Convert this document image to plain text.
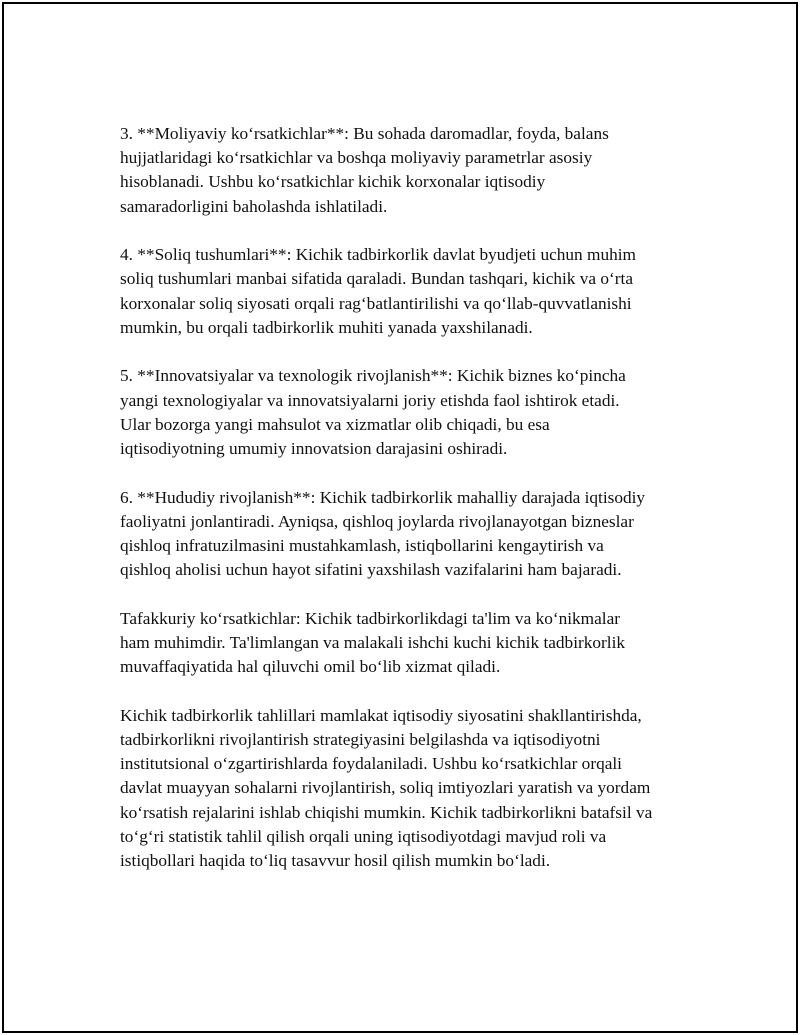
3. **Moliyaviy ko‘rsatkichlar**: Bu sohada daromadlar, foyda, balans
hujjatlaridagi ko‘rsatkichlar va boshqa moliyaviy parametrlar asosiy
hisoblanadi. Ushbu ko‘rsatkichlar kichik korxonalar iqtisodiy
samaradorligini baholashda ishlatiladi.

4. **Soliq tushumlari**: Kichik tadbirkorlik davlat byudjeti uchun muhim
soliq tushumlari manbai sifatida qaraladi. Bundan tashqari, kichik va o‘rta
korxonalar soliq siyosati orqali rag‘batlantirilishi va qo‘llab-quvvatlanishi
mumkin, bu orqali tadbirkorlik muhiti yanada yaxshilanadi.

5. **Innovatsiyalar va texnologik rivojlanish**: Kichik biznes ko‘pincha
yangi texnologiyalar va innovatsiyalarni joriy etishda faol ishtirok etadi.
Ular bozorga yangi mahsulot va xizmatlar olib chiqadi, bu esa
iqtisodiyotning umumiy innovatsion darajasini oshiradi.

6. **Hududiy rivojlanish**: Kichik tadbirkorlik mahalliy darajada iqtisodiy
faoliyatni jonlantiradi. Ayniqsa, qishloq joylarda rivojlanayotgan bizneslar
qishloq infratuzilmasini mustahkamlash, istiqbollarini kengaytirish va
qishloq aholisi uchun hayot sifatini yaxshilash vazifalarini ham bajaradi.

Tafakkuriy ko‘rsatkichlar: Kichik tadbirkorlikdagi ta'lim va ko‘nikmalar
ham muhimdir. Ta'limlangan va malakali ishchi kuchi kichik tadbirkorlik
muvaffaqiyatida hal qiluvchi omil bo‘lib xizmat qiladi.

Kichik tadbirkorlik tahlillari mamlakat iqtisodiy siyosatini shakllantirishda,
tadbirkorlikni rivojlantirish strategiyasini belgilashda va iqtisodiyotni
institutsional o‘zgartirishlarda foydalaniladi. Ushbu ko‘rsatkichlar orqali
davlat muayyan sohalarni rivojlantirish, soliq imtiyozlari yaratish va yordam
ko‘rsatish rejalarini ishlab chiqishi mumkin. Kichik tadbirkorlikni batafsil va
to‘g‘ri statistik tahlil qilish orqali uning iqtisodiyotdagi mavjud roli va
istiqbollari haqida to‘liq tasavvur hosil qilish mumkin bo‘ladi.
